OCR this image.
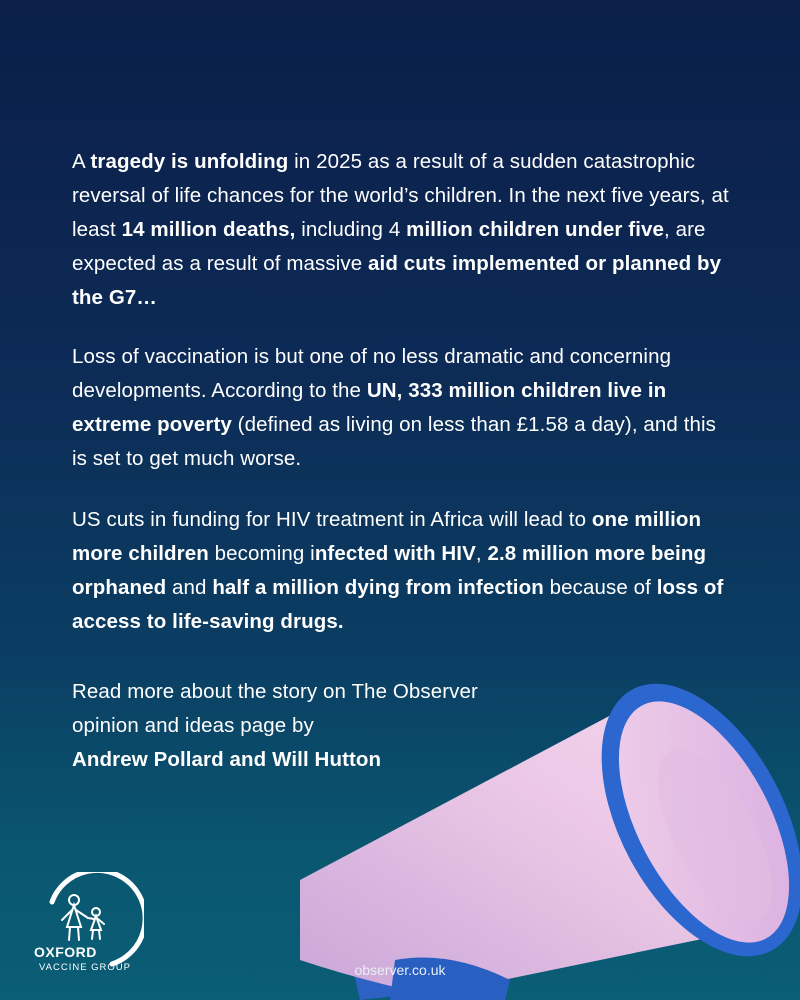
A tragedy is unfolding in 2025 as a result of a sudden catastrophic reversal of life chances for the world’s children. In the next five years, at least 14 million deaths, including 4 million children under five, are expected as a result of massive aid cuts implemented or planned by the G7…
Loss of vaccination is but one of no less dramatic and concerning developments. According to the UN, 333 million children live in extreme poverty (defined as living on less than £1.58 a day), and this is set to get much worse.
US cuts in funding for HIV treatment in Africa will lead to one million more children becoming infected with HIV, 2.8 million more being orphaned and half a million dying from infection because of loss of access to life-saving drugs.
Read more about the story on The Observer
opinion and ideas page by
Andrew Pollard and Will Hutton
OXFORD
VACCINE GROUP	observer.co.uk
